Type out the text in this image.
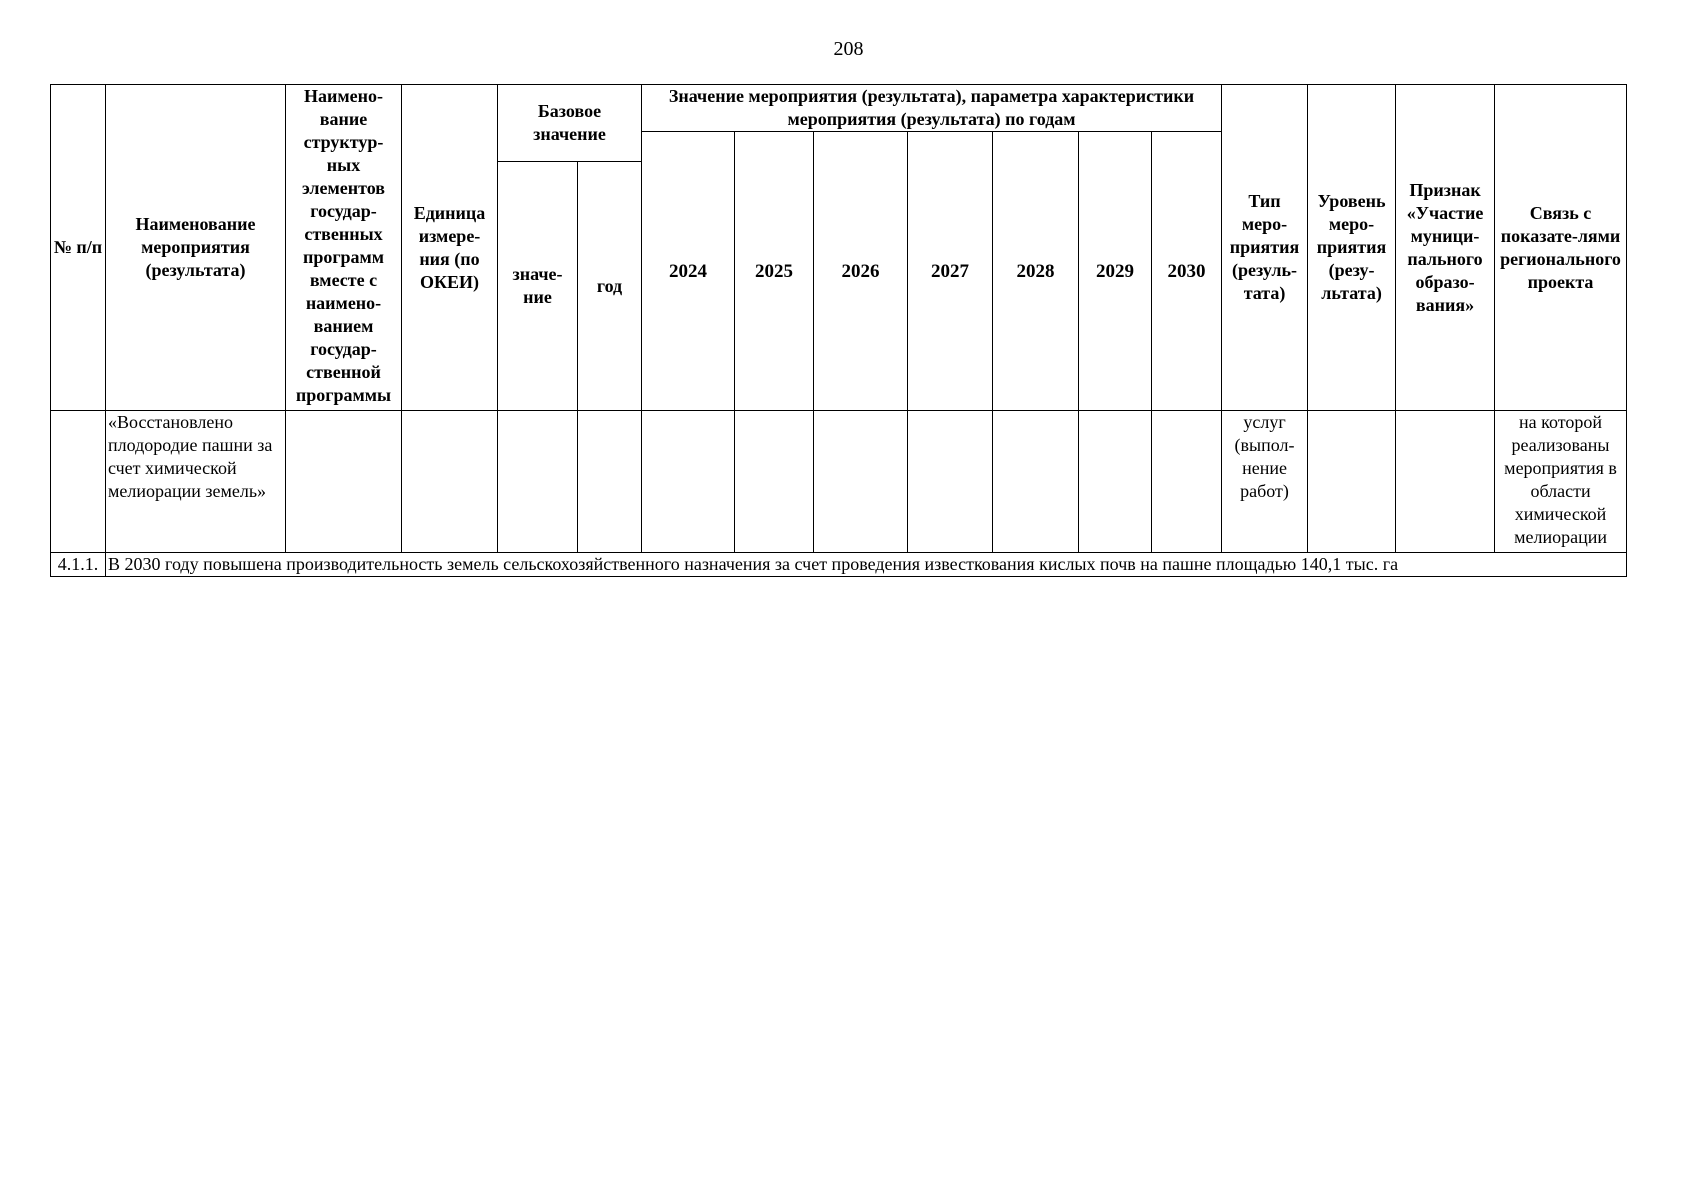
208
№ п/п	Наименование мероприятия (результата)	Наимено-вание структур-ных элементов государ-ственных программ вместе с наимено-ванием государ-ственной программы	Единица измере-ния (по ОКЕИ)	Базовое значение		Значение мероприятия (результата), параметра характеристики мероприятия (результата) по годам							Тип меро-приятия (резуль-тата)	Уровень меро-приятия (резу-льтата)	Признак «Участие муници-пального образо-вания»	Связь с показате-лями регионального проекта
						2024	2025	2026	2027	2028	2029	2030				
				значе-ние	год											
	«Восстановлено плодородие пашни за счет химической мелиорации земель»												услуг (выпол-нение работ)			на которой реализованы мероприятия в области химической мелиорации
4.1.1.	В 2030 году повышена производительность земель сельскохозяйственного назначения за счет проведения известкования кислых почв на пашне площадью 140,1 тыс. га															
